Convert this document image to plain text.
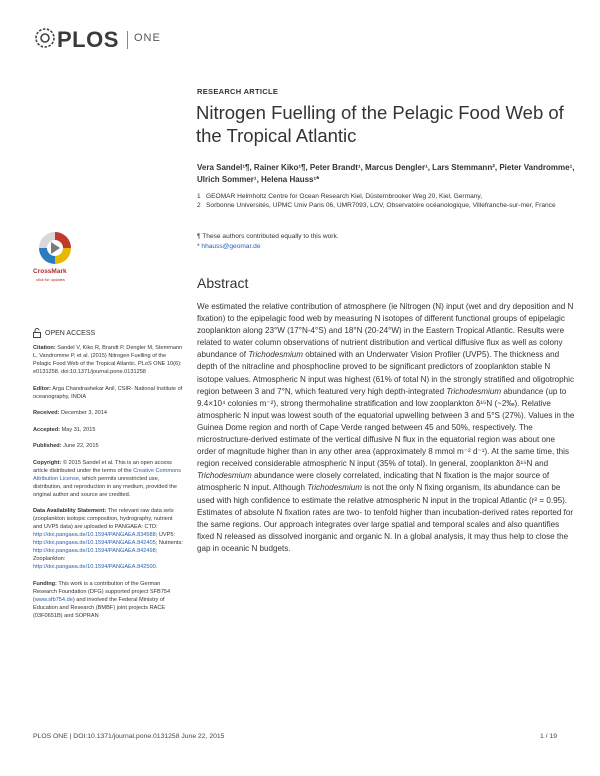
PLOS ONE
RESEARCH ARTICLE
Nitrogen Fuelling of the Pelagic Food Web of the Tropical Atlantic
Vera Sandel¹¶, Rainer Kiko¹¶, Peter Brandt¹, Marcus Dengler¹, Lars Stemmann², Pieter Vandromme¹, Ulrich Sommer¹, Helena Hauss¹*
1 GEOMAR Helmholtz Centre for Ocean Research Kiel, Düsternbrooker Weg 20, Kiel, Germany,
2 Sorbonne Universités, UPMC Univ Paris 06, UMR7093, LOV, Observatoire océanologique, Villefranche-sur-mer, France
¶ These authors contributed equally to this work.
* hhauss@geomar.de
CrossMark
click for updates
OPEN ACCESS

Citation: Sandel V, Kiko R, Brandt P, Dengler M, Stemmann L, Vandromme P, et al. (2015) Nitrogen Fuelling of the Pelagic Food Web of the Tropical Atlantic. PLoS ONE 10(6): e0131258. doi:10.1371/journal.pone.0131258

Editor: Arga Chandrashekar Anil, CSIR- National Institute of oceanography, INDIA

Received: December 3, 2014

Accepted: May 31, 2015

Published: June 22, 2015

Copyright: © 2015 Sandel et al. This is an open access article distributed under the terms of the Creative Commons Attribution License, which permits unrestricted use, distribution, and reproduction in any medium, provided the original author and source are credited.

Data Availability Statement: The relevant raw data sets (zooplankton isotopic composition, hydrography, nutrient and UVP5 data) are uploaded to PANGAEA: CTD: http://doi.pangaea.de/10.1594/PANGAEA.834588; UVP5: http://doi.pangaea.de/10.1594/PANGAEA.842405; Nutrients: http://doi.pangaea.de/10.1594/PANGAEA.842498; Zooplankton: http://doi.pangaea.de/10.1594/PANGAEA.842500.

Funding: This work is a contribution of the German Research Foundation (DFG) supported project SFB754 (www.sfb754.de) and involved the Federal Ministry of Education and Research (BMBF) joint projects RACE (03F0651B) and SOPRAN

Abstract
We estimated the relative contribution of atmosphere (ie Nitrogen (N) input (wet and dry deposition and N fixation) to the epipelagic food web by measuring N isotopes of different functional groups of epipelagic zooplankton along 23°W (17°N-4°S) and 18°N (20-24°W) in the Eastern Tropical Atlantic. Results were related to water column observations of nutrient distribution and vertical diffusive flux as well as colony abundance of Trichodesmium obtained with an Underwater Vision Profiler (UVP5). The thickness and depth of the nitracline and phosphocline proved to be significant predictors of zooplankton stable N isotope values. Atmospheric N input was highest (61% of total N) in the strongly stratified and oligotrophic region between 3 and 7°N, which featured very high depth-integrated Trichodesmium abundance (up to 9.4×10⁴ colonies m⁻²), strong thermohaline stratification and low zooplankton δ¹⁵N (~2‰). Relative atmospheric N input was lowest south of the equatorial upwelling between 3 and 5°S (27%). Values in the Guinea Dome region and north of Cape Verde ranged between 45 and 50%, respectively. The microstructure-derived estimate of the vertical diffusive N flux in the equatorial region was about one order of magnitude higher than in any other area (approximately 8 mmol m⁻² d⁻¹). At the same time, this region received considerable atmospheric N input (35% of total). In general, zooplankton δ¹⁵N and Trichodesmium abundance were closely correlated, indicating that N fixation is the major source of atmospheric N input. Although Trichodesmium is not the only N fixing organism, its abundance can be used with high confidence to estimate the relative atmospheric N input in the tropical Atlantic (r² = 0.95). Estimates of absolute N fixation rates are two- to tenfold higher than incubation-derived rates reported for the same regions. Our approach integrates over large spatial and temporal scales and also quantifies fixed N released as dissolved inorganic and organic N. In a global analysis, it may thus help to close the gap in oceanic N budgets.
PLOS ONE | DOI:10.1371/journal.pone.0131258 June 22, 2015	1 / 19
